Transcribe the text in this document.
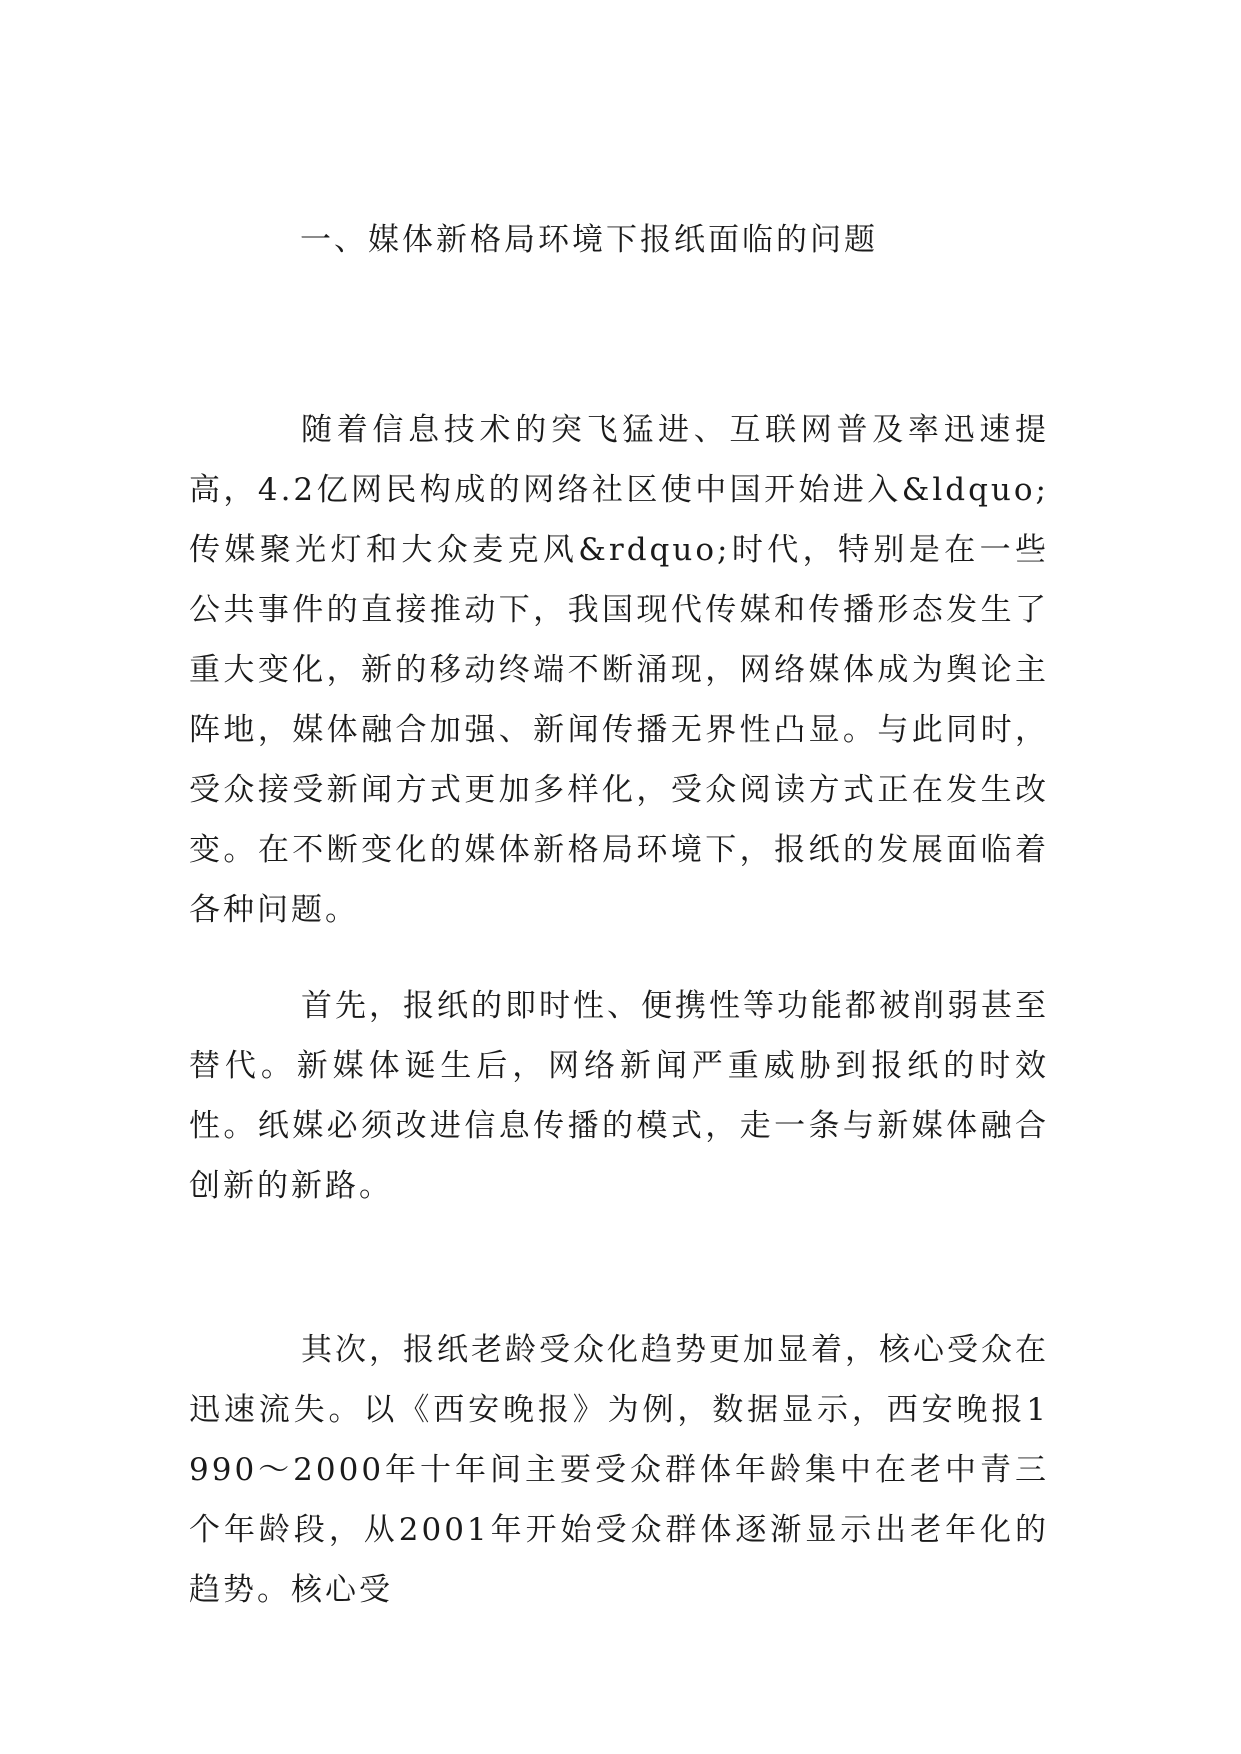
一、媒体新格局环境下报纸面临的问题

随着信息技术的突飞猛进、互联网普及率迅速提高，4.2亿网民构成的网络社区使中国开始进入&ldquo;传媒聚光灯和大众麦克风&rdquo;时代，特别是在一些公共事件的直接推动下，我国现代传媒和传播形态发生了重大变化，新的移动终端不断涌现，网络媒体成为舆论主阵地，媒体融合加强、新闻传播无界性凸显。与此同时，受众接受新闻方式更加多样化，受众阅读方式正在发生改变。在不断变化的媒体新格局环境下，报纸的发展面临着各种问题。

首先，报纸的即时性、便携性等功能都被削弱甚至替代。新媒体诞生后，网络新闻严重威胁到报纸的时效性。纸媒必须改进信息传播的模式，走一条与新媒体融合创新的新路。

其次，报纸老龄受众化趋势更加显着，核心受众在迅速流失。以《西安晚报》为例，数据显示，西安晚报1990～2000年十年间主要受众群体年龄集中在老中青三个年龄段，从2001年开始受众群体逐渐显示出老年化的趋势。核心受
